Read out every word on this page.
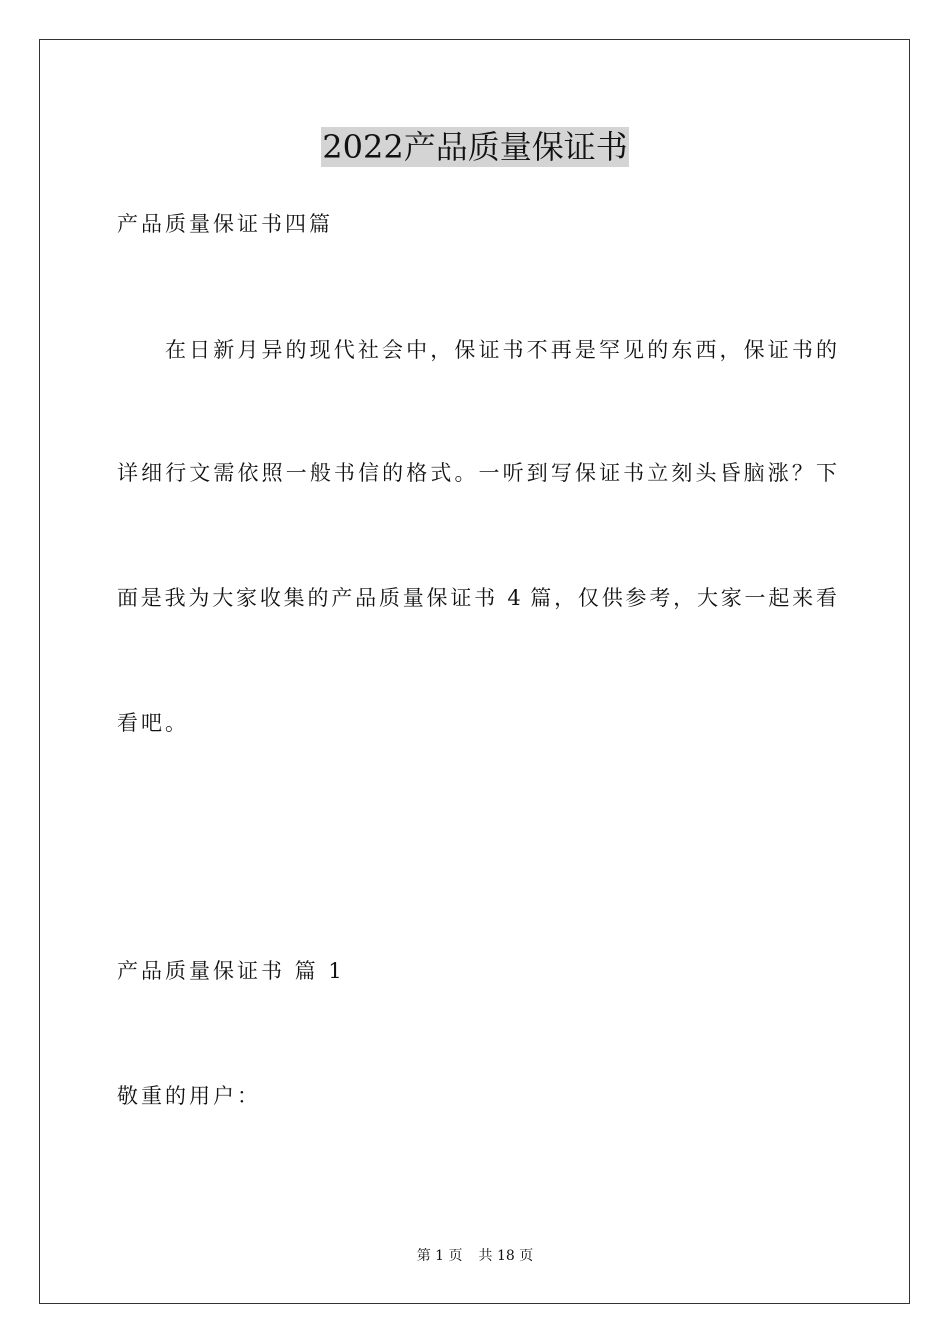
2022产品质量保证书
产品质量保证书四篇
在日新月异的现代社会中，保证书不再是罕见的东西，保证书的
详细行文需依照一般书信的格式。一听到写保证书立刻头昏脑涨？下
面是我为大家收集的产品质量保证书 4 篇，仅供参考，大家一起来看
看吧。
产品质量保证书 篇 1
敬重的用户：
第 1 页 共 18 页
